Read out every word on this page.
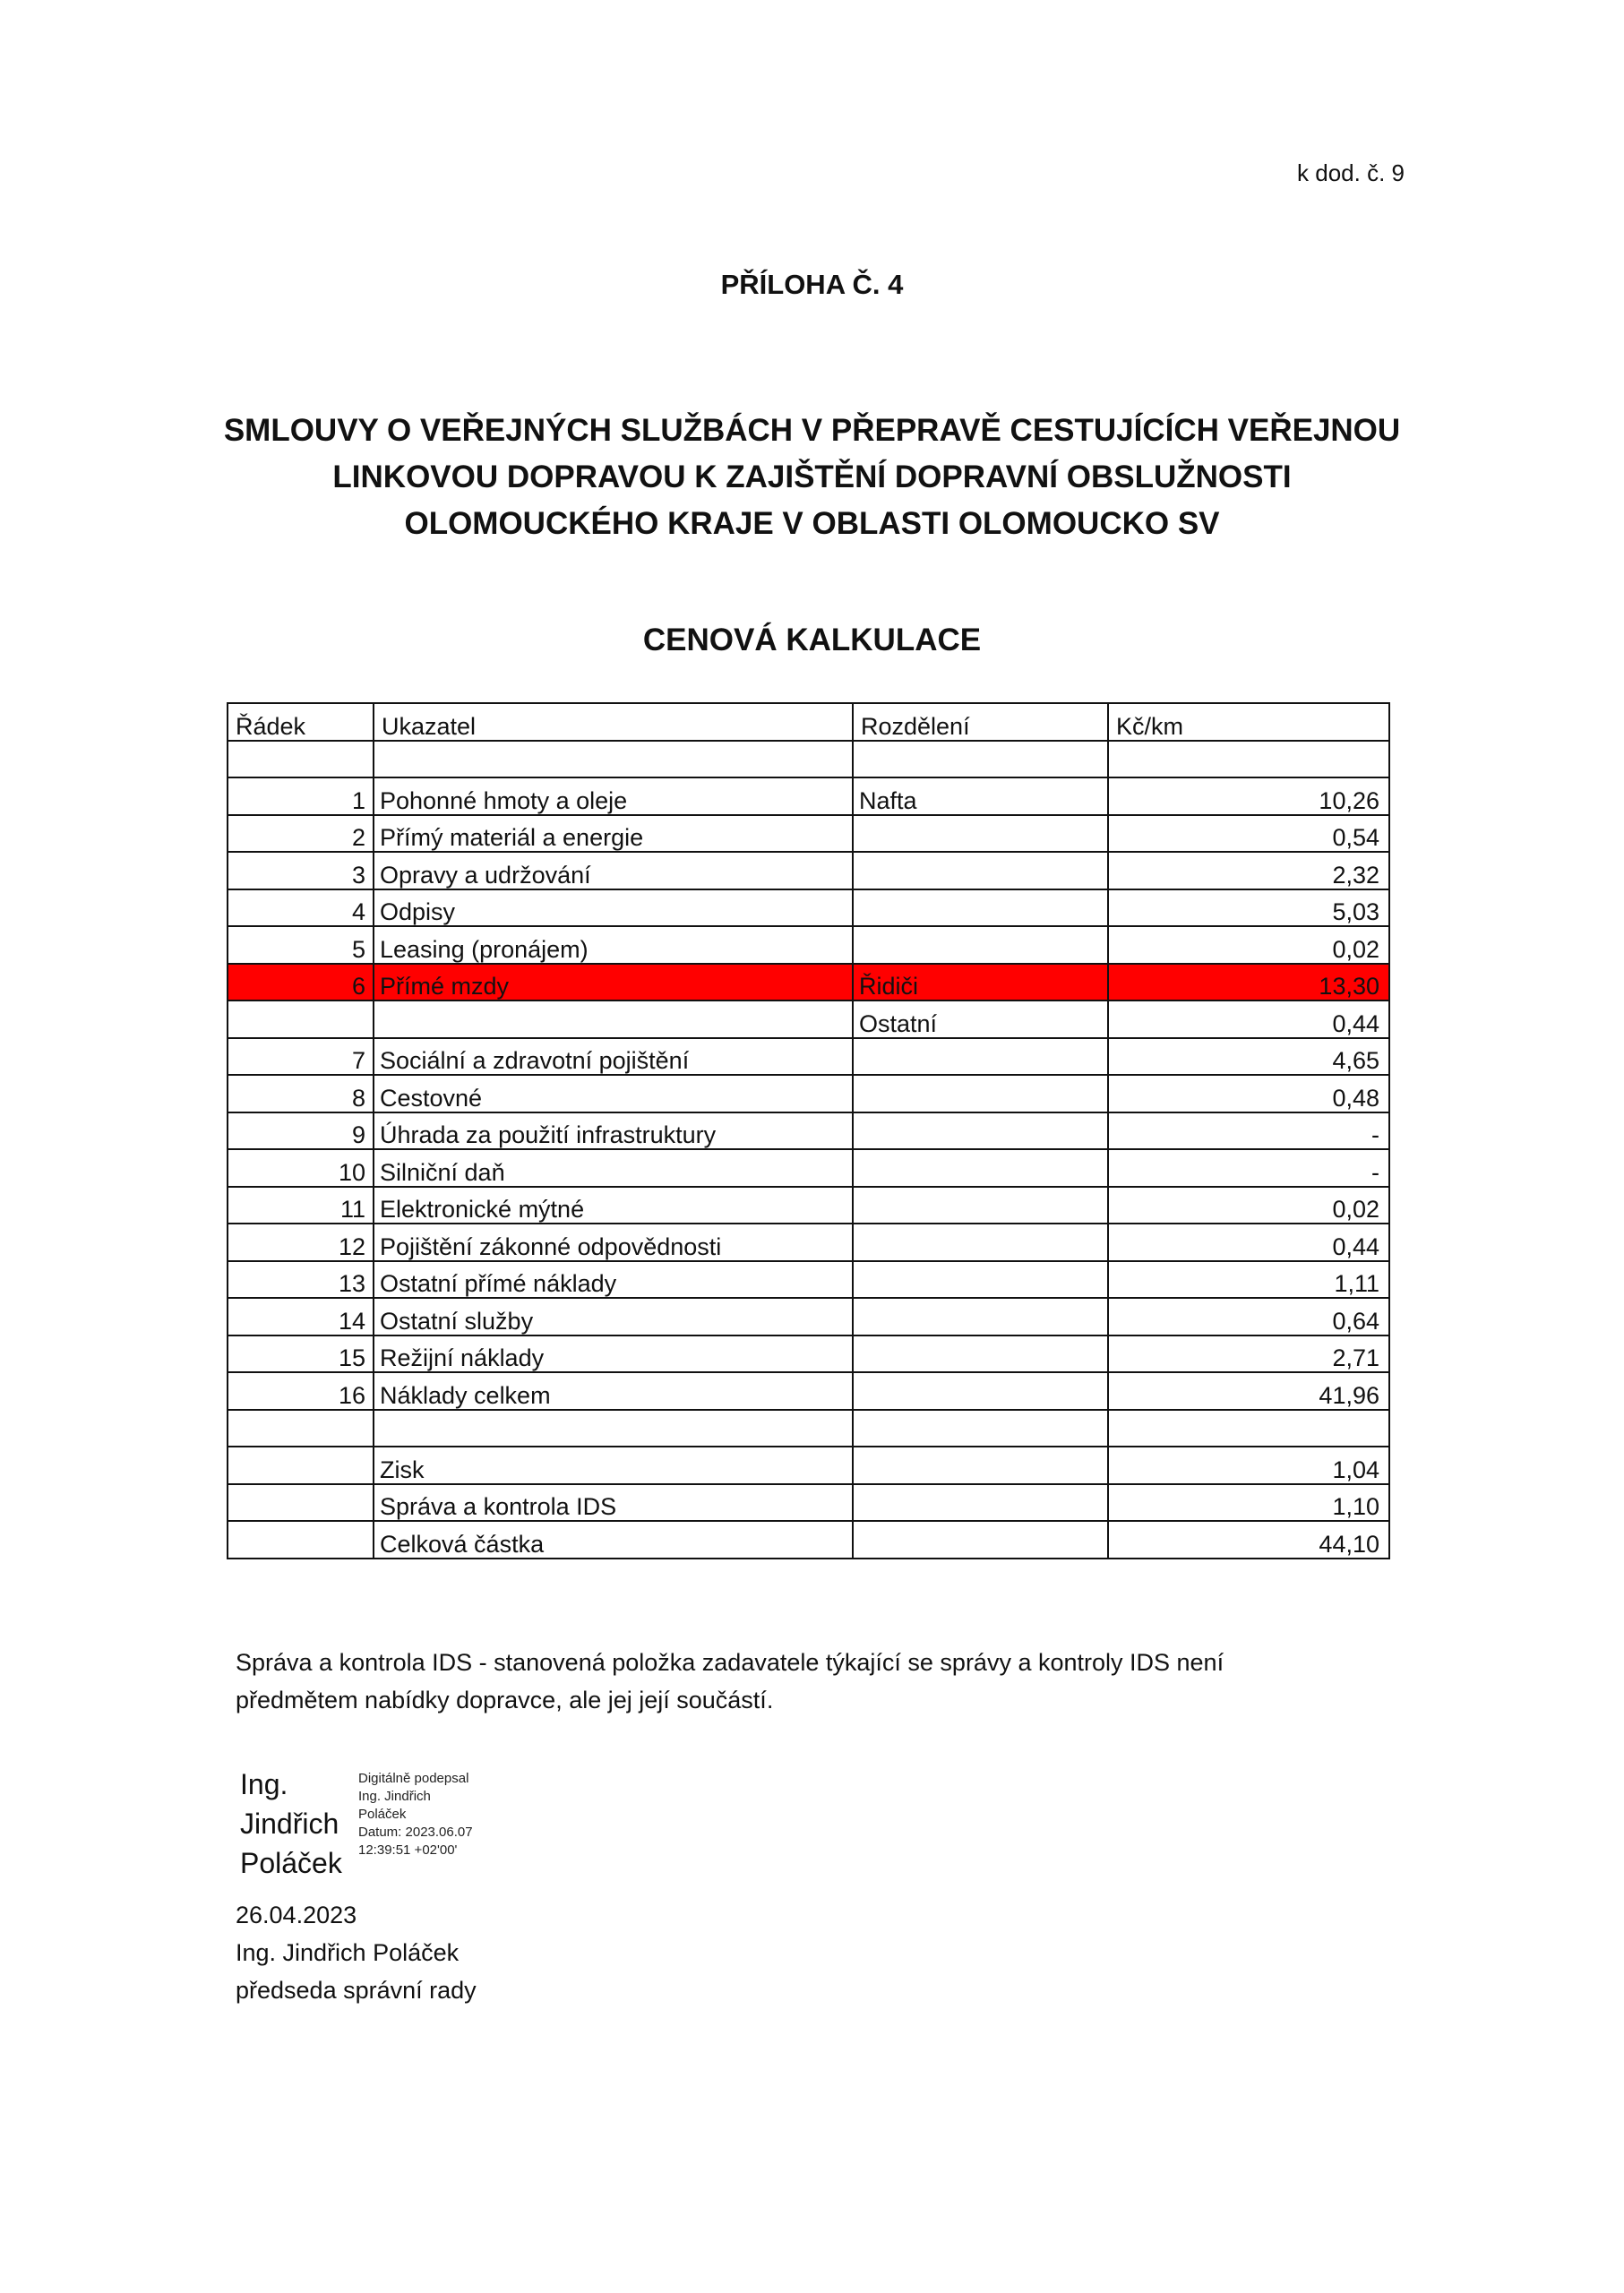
k dod. č. 9
PŘÍLOHA Č. 4
SMLOUVY O VEŘEJNÝCH SLUŽBÁCH V PŘEPRAVĚ CESTUJÍCÍCH VEŘEJNOU
LINKOVOU DOPRAVOU K ZAJIŠTĚNÍ DOPRAVNÍ OBSLUŽNOSTI
OLOMOUCKÉHO KRAJE V OBLASTI OLOMOUCKO SV
CENOVÁ KALKULACE
Řádek	Ukazatel	Rozdělení	Kč/km

1	Pohonné hmoty a oleje	Nafta	10,26
2	Přímý materiál a energie		0,54
3	Opravy a udržování		2,32
4	Odpisy		5,03
5	Leasing (pronájem)		0,02
6	Přímé mzdy	Řidiči	13,30
		Ostatní	0,44
7	Sociální a zdravotní pojištění		4,65
8	Cestovné		0,48
9	Úhrada za použití infrastruktury		-
10	Silniční daň		-
11	Elektronické mýtné		0,02
12	Pojištění zákonné odpovědnosti		0,44
13	Ostatní přímé náklady		1,11
14	Ostatní služby		0,64
15	Režijní náklady		2,71
16	Náklady celkem		41,96

	Zisk		1,04
	Správa a kontrola IDS		1,10
	Celková částka		44,10
Správa a kontrola IDS - stanovená položka zadavatele týkající se správy a kontroly IDS není
předmětem nabídky dopravce, ale jej její součástí.
Ing.
Jindřich
Poláček
Digitálně podepsal
Ing. Jindřich
Poláček
Datum: 2023.06.07
12:39:51 +02'00'
26.04.2023
Ing. Jindřich Poláček
předseda správní rady
